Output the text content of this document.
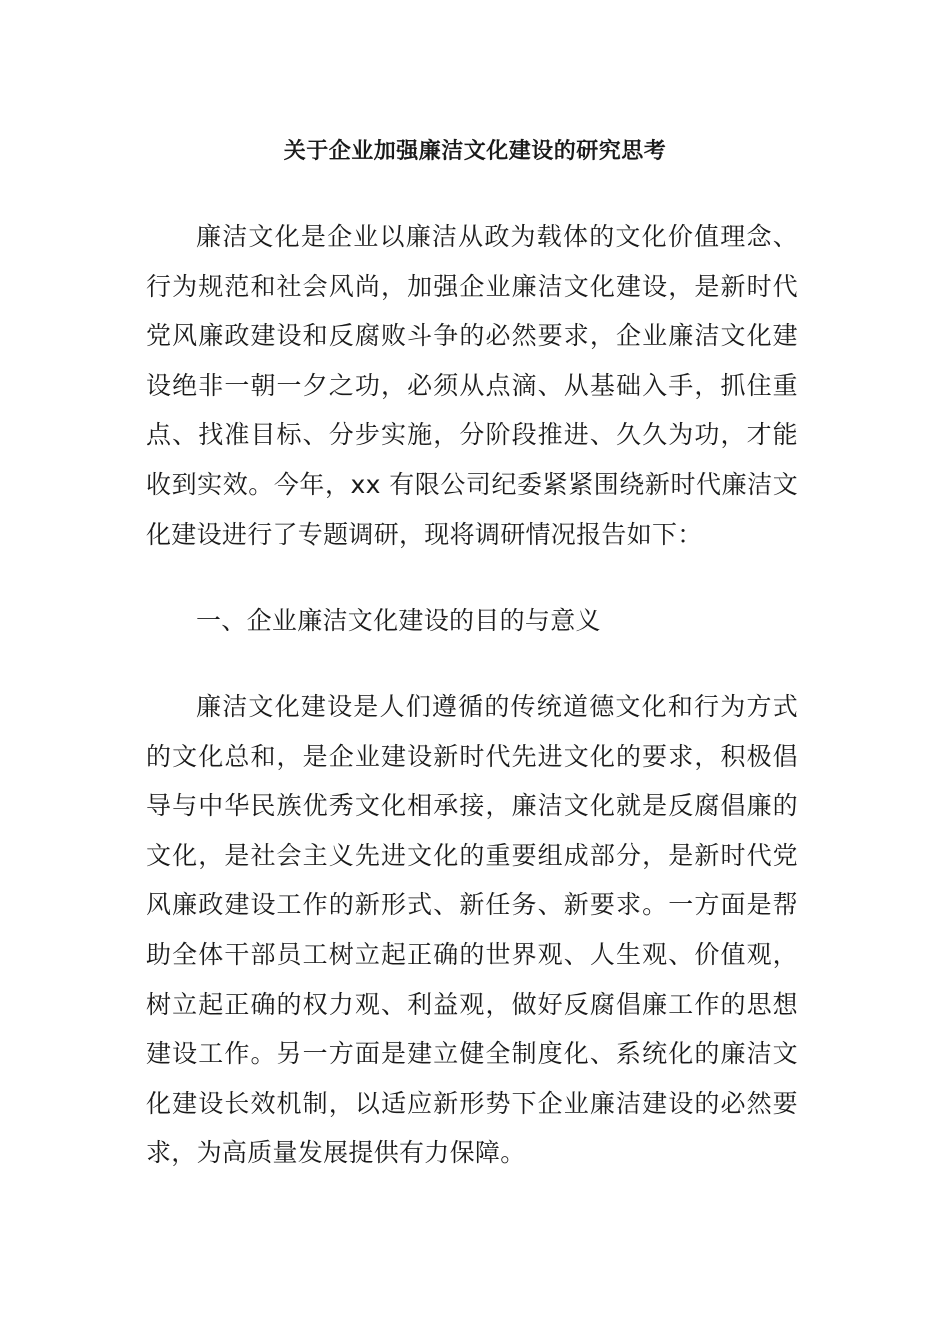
关于企业加强廉洁文化建设的研究思考

廉洁文化是企业以廉洁从政为载体的文化价值理念、行为规范和社会风尚，加强企业廉洁文化建设，是新时代党风廉政建设和反腐败斗争的必然要求，企业廉洁文化建设绝非一朝一夕之功，必须从点滴、从基础入手，抓住重点、找准目标、分步实施，分阶段推进、久久为功，才能收到实效。今年，xx 有限公司纪委紧紧围绕新时代廉洁文化建设进行了专题调研，现将调研情况报告如下：

一、企业廉洁文化建设的目的与意义

廉洁文化建设是人们遵循的传统道德文化和行为方式的文化总和，是企业建设新时代先进文化的要求，积极倡导与中华民族优秀文化相承接，廉洁文化就是反腐倡廉的文化，是社会主义先进文化的重要组成部分，是新时代党风廉政建设工作的新形式、新任务、新要求。一方面是帮助全体干部员工树立起正确的世界观、人生观、价值观，树立起正确的权力观、利益观，做好反腐倡廉工作的思想建设工作。另一方面是建立健全制度化、系统化的廉洁文化建设长效机制，以适应新形势下企业廉洁建设的必然要求，为高质量发展提供有力保障。
